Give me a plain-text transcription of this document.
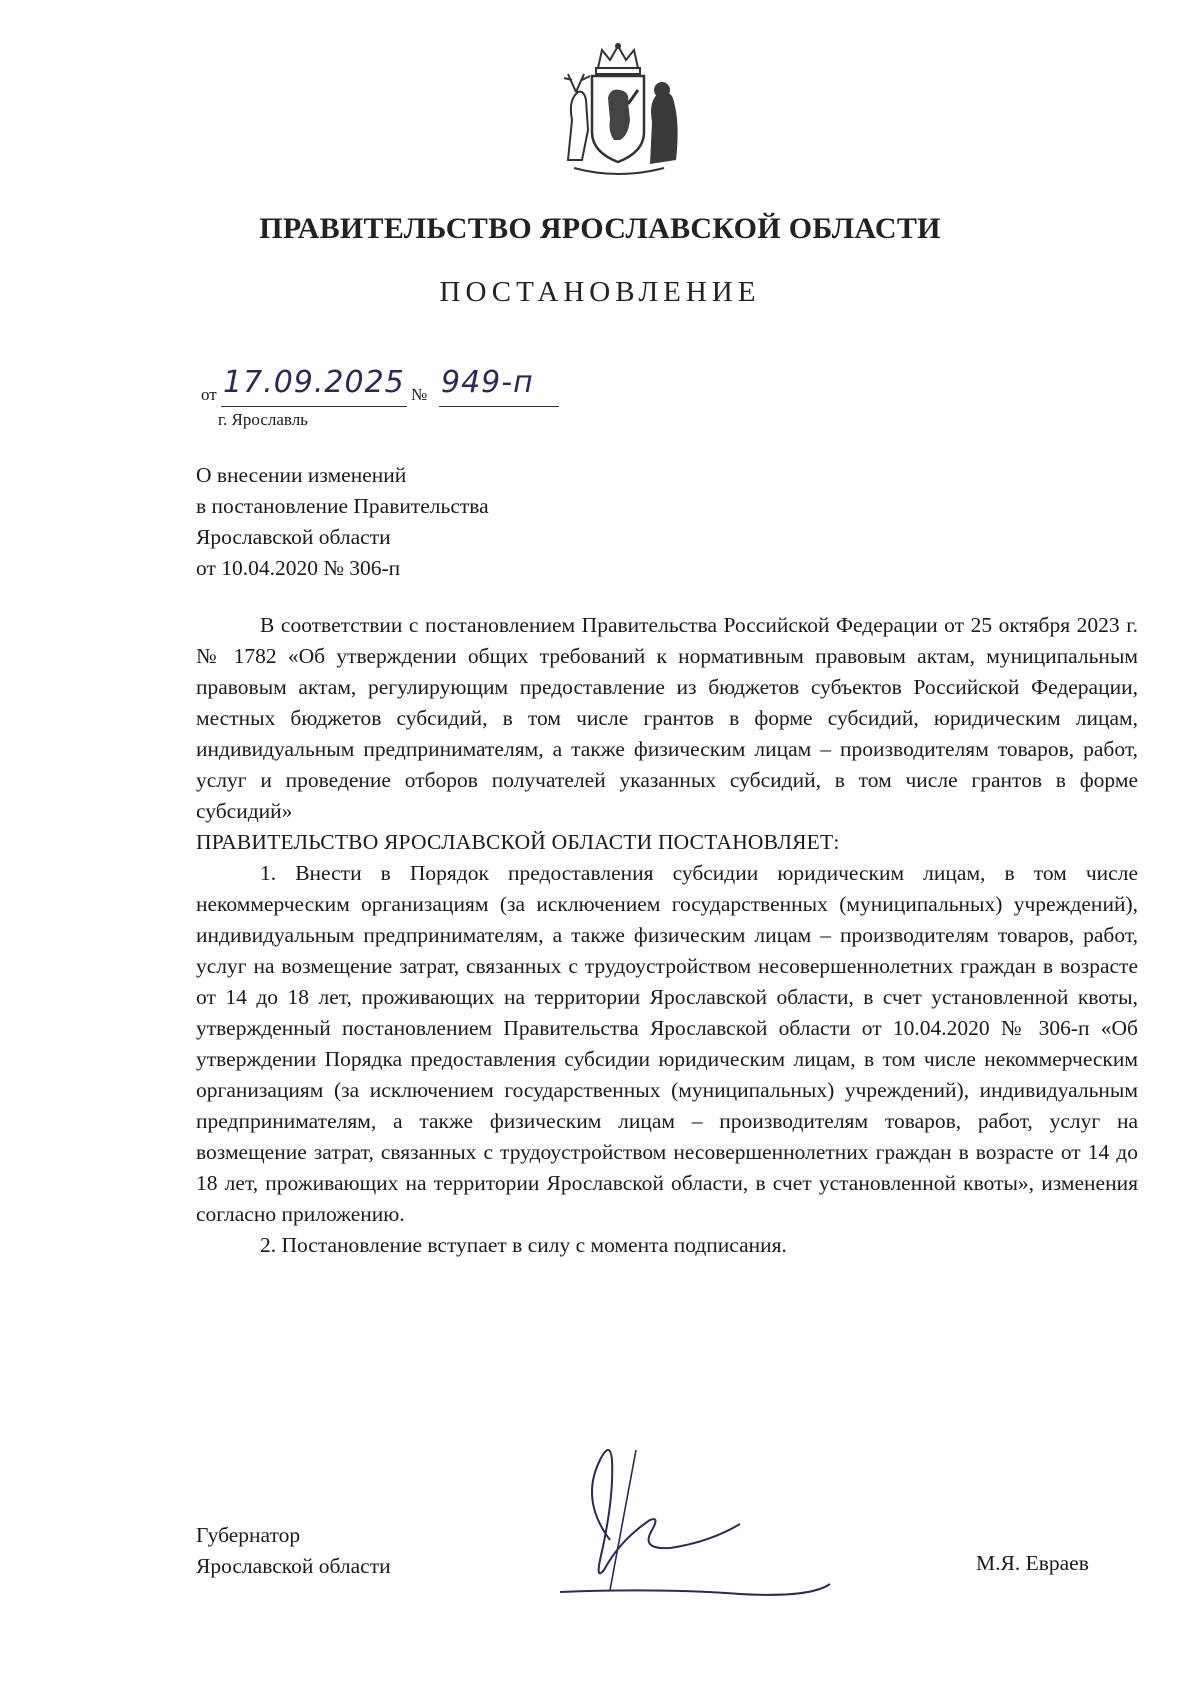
ПРАВИТЕЛЬСТВО ЯРОСЛАВСКОЙ ОБЛАСТИ
ПОСТАНОВЛЕНИЕ
от 17.09.2025 № 949-п
г. Ярославль
О внесении изменений
в постановление Правительства
Ярославской области
от 10.04.2020 № 306-п

В соответствии с постановлением Правительства Российской Федерации от 25 октября 2023 г. № 1782 «Об утверждении общих требований к нормативным правовым актам, муниципальным правовым актам, регулирующим предоставление из бюджетов субъектов Российской Федерации, местных бюджетов субсидий, в том числе грантов в форме субсидий, юридическим лицам, индивидуальным предпринимателям, а также физическим лицам – производителям товаров, работ, услуг и проведение отборов получателей указанных субсидий, в том числе грантов в форме субсидий»

ПРАВИТЕЛЬСТВО ЯРОСЛАВСКОЙ ОБЛАСТИ ПОСТАНОВЛЯЕТ:

1. Внести в Порядок предоставления субсидии юридическим лицам, в том числе некоммерческим организациям (за исключением государственных (муниципальных) учреждений), индивидуальным предпринимателям, а также физическим лицам – производителям товаров, работ, услуг на возмещение затрат, связанных с трудоустройством несовершеннолетних граждан в возрасте от 14 до 18 лет, проживающих на территории Ярославской области, в счет установленной квоты, утвержденный постановлением Правительства Ярославской области от 10.04.2020 № 306-п «Об утверждении Порядка предоставления субсидии юридическим лицам, в том числе некоммерческим организациям (за исключением государственных (муниципальных) учреждений), индивидуальным предпринимателям, а также физическим лицам – производителям товаров, работ, услуг на возмещение затрат, связанных с трудоустройством несовершеннолетних граждан в возрасте от 14 до 18 лет, проживающих на территории Ярославской области, в счет установленной квоты», изменения согласно приложению.

2. Постановление вступает в силу с момента подписания.

Губернатор
Ярославской области	М.Я. Евраев
